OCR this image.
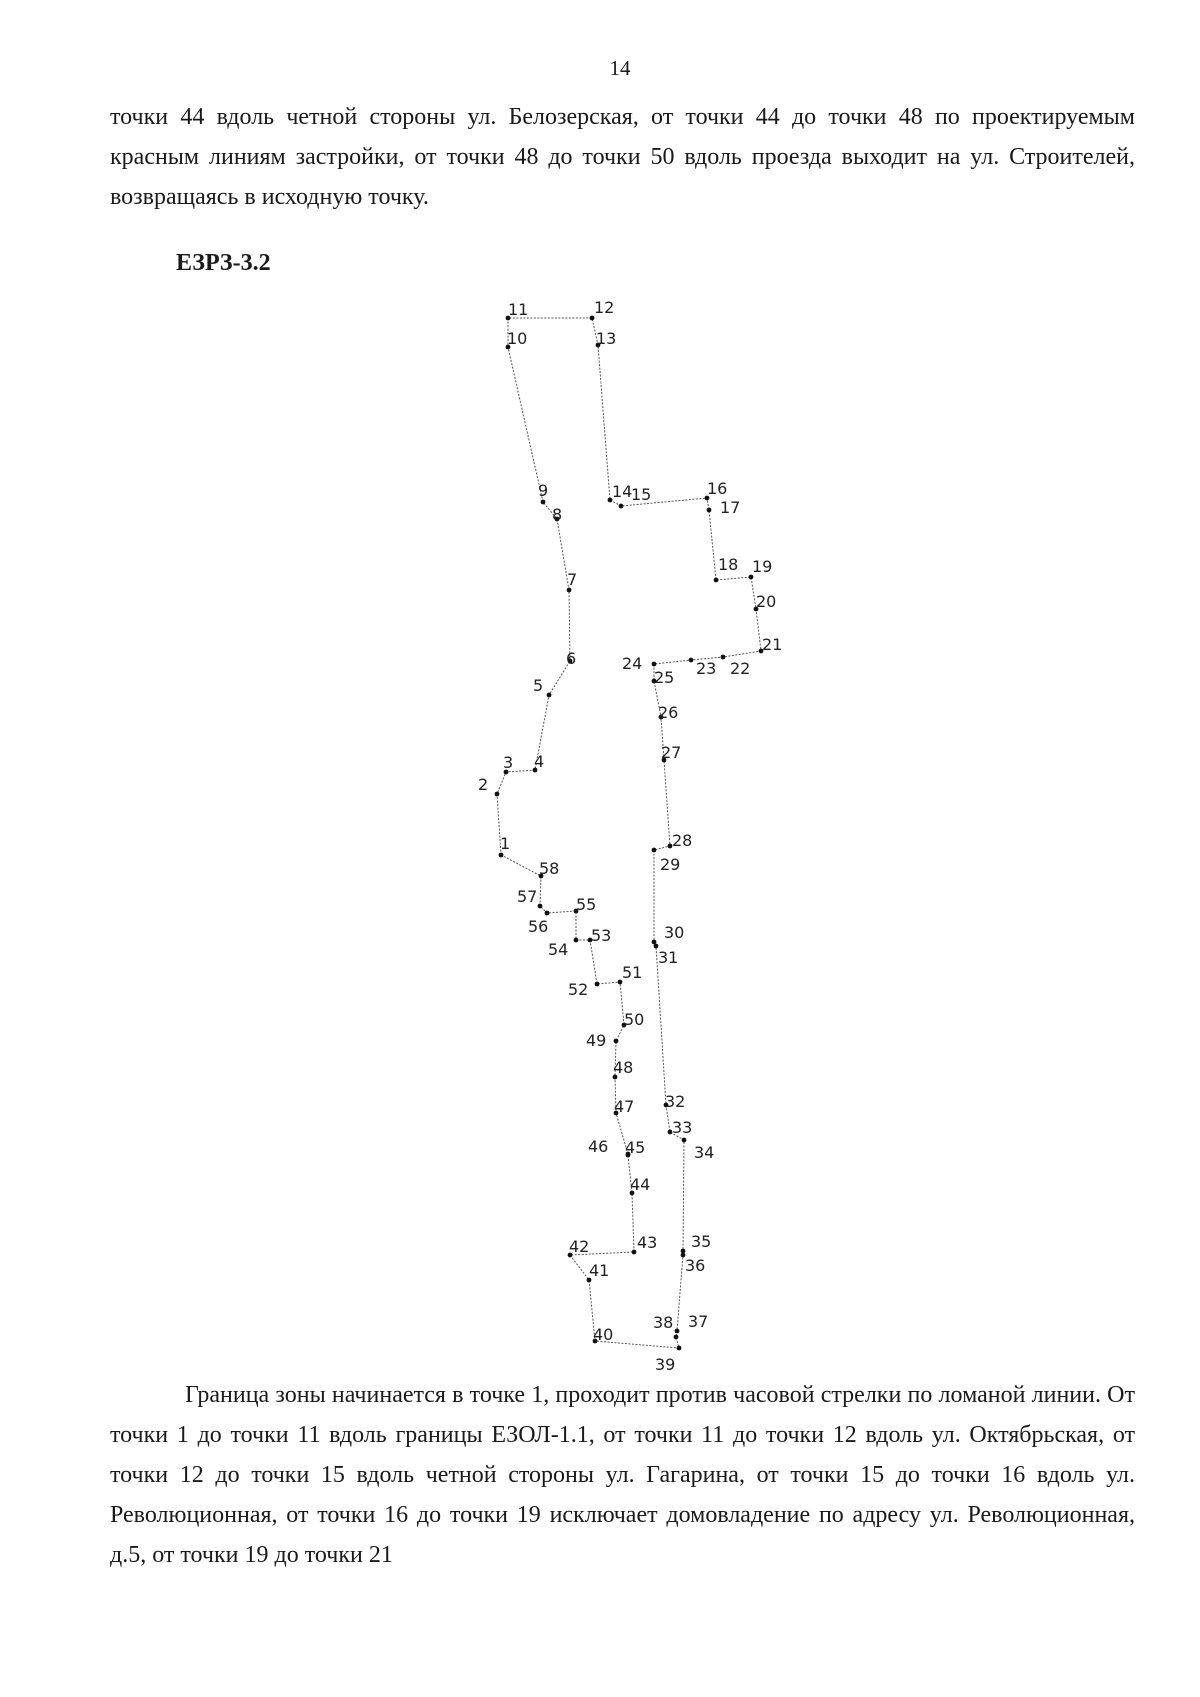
14
точки 44 вдоль четной стороны ул. Белозерская, от точки 44 до точки 48 по проектируемым красным линиям застройки, от точки 48 до точки 50 вдоль проезда выходит на ул. Строителей, возвращаясь в исходную точку.
ЕЗРЗ-3.2
1
2
3 4
5
6
7
8
9
10
11	12
13
14
15	16
17
18 19
20
21
22
23
24
25
26
27
28
29
30
31
32
33
34
35
36
37
38
39
40
41
42	43
44
45
46
47
48
49
50
51
52
53
54
55
56
57
58
Граница зоны начинается в точке 1, проходит против часовой стрелки по ломаной линии. От точки 1 до точки 11 вдоль границы ЕЗОЛ-1.1, от точки 11 до точки 12 вдоль ул. Октябрьская, от точки 12 до точки 15 вдоль четной стороны ул. Гагарина, от точки 15 до точки 16 вдоль ул. Революционная, от точки 16 до точки 19 исключает домовладение по адресу ул. Революционная, д.5, от точки 19 до точки 21
